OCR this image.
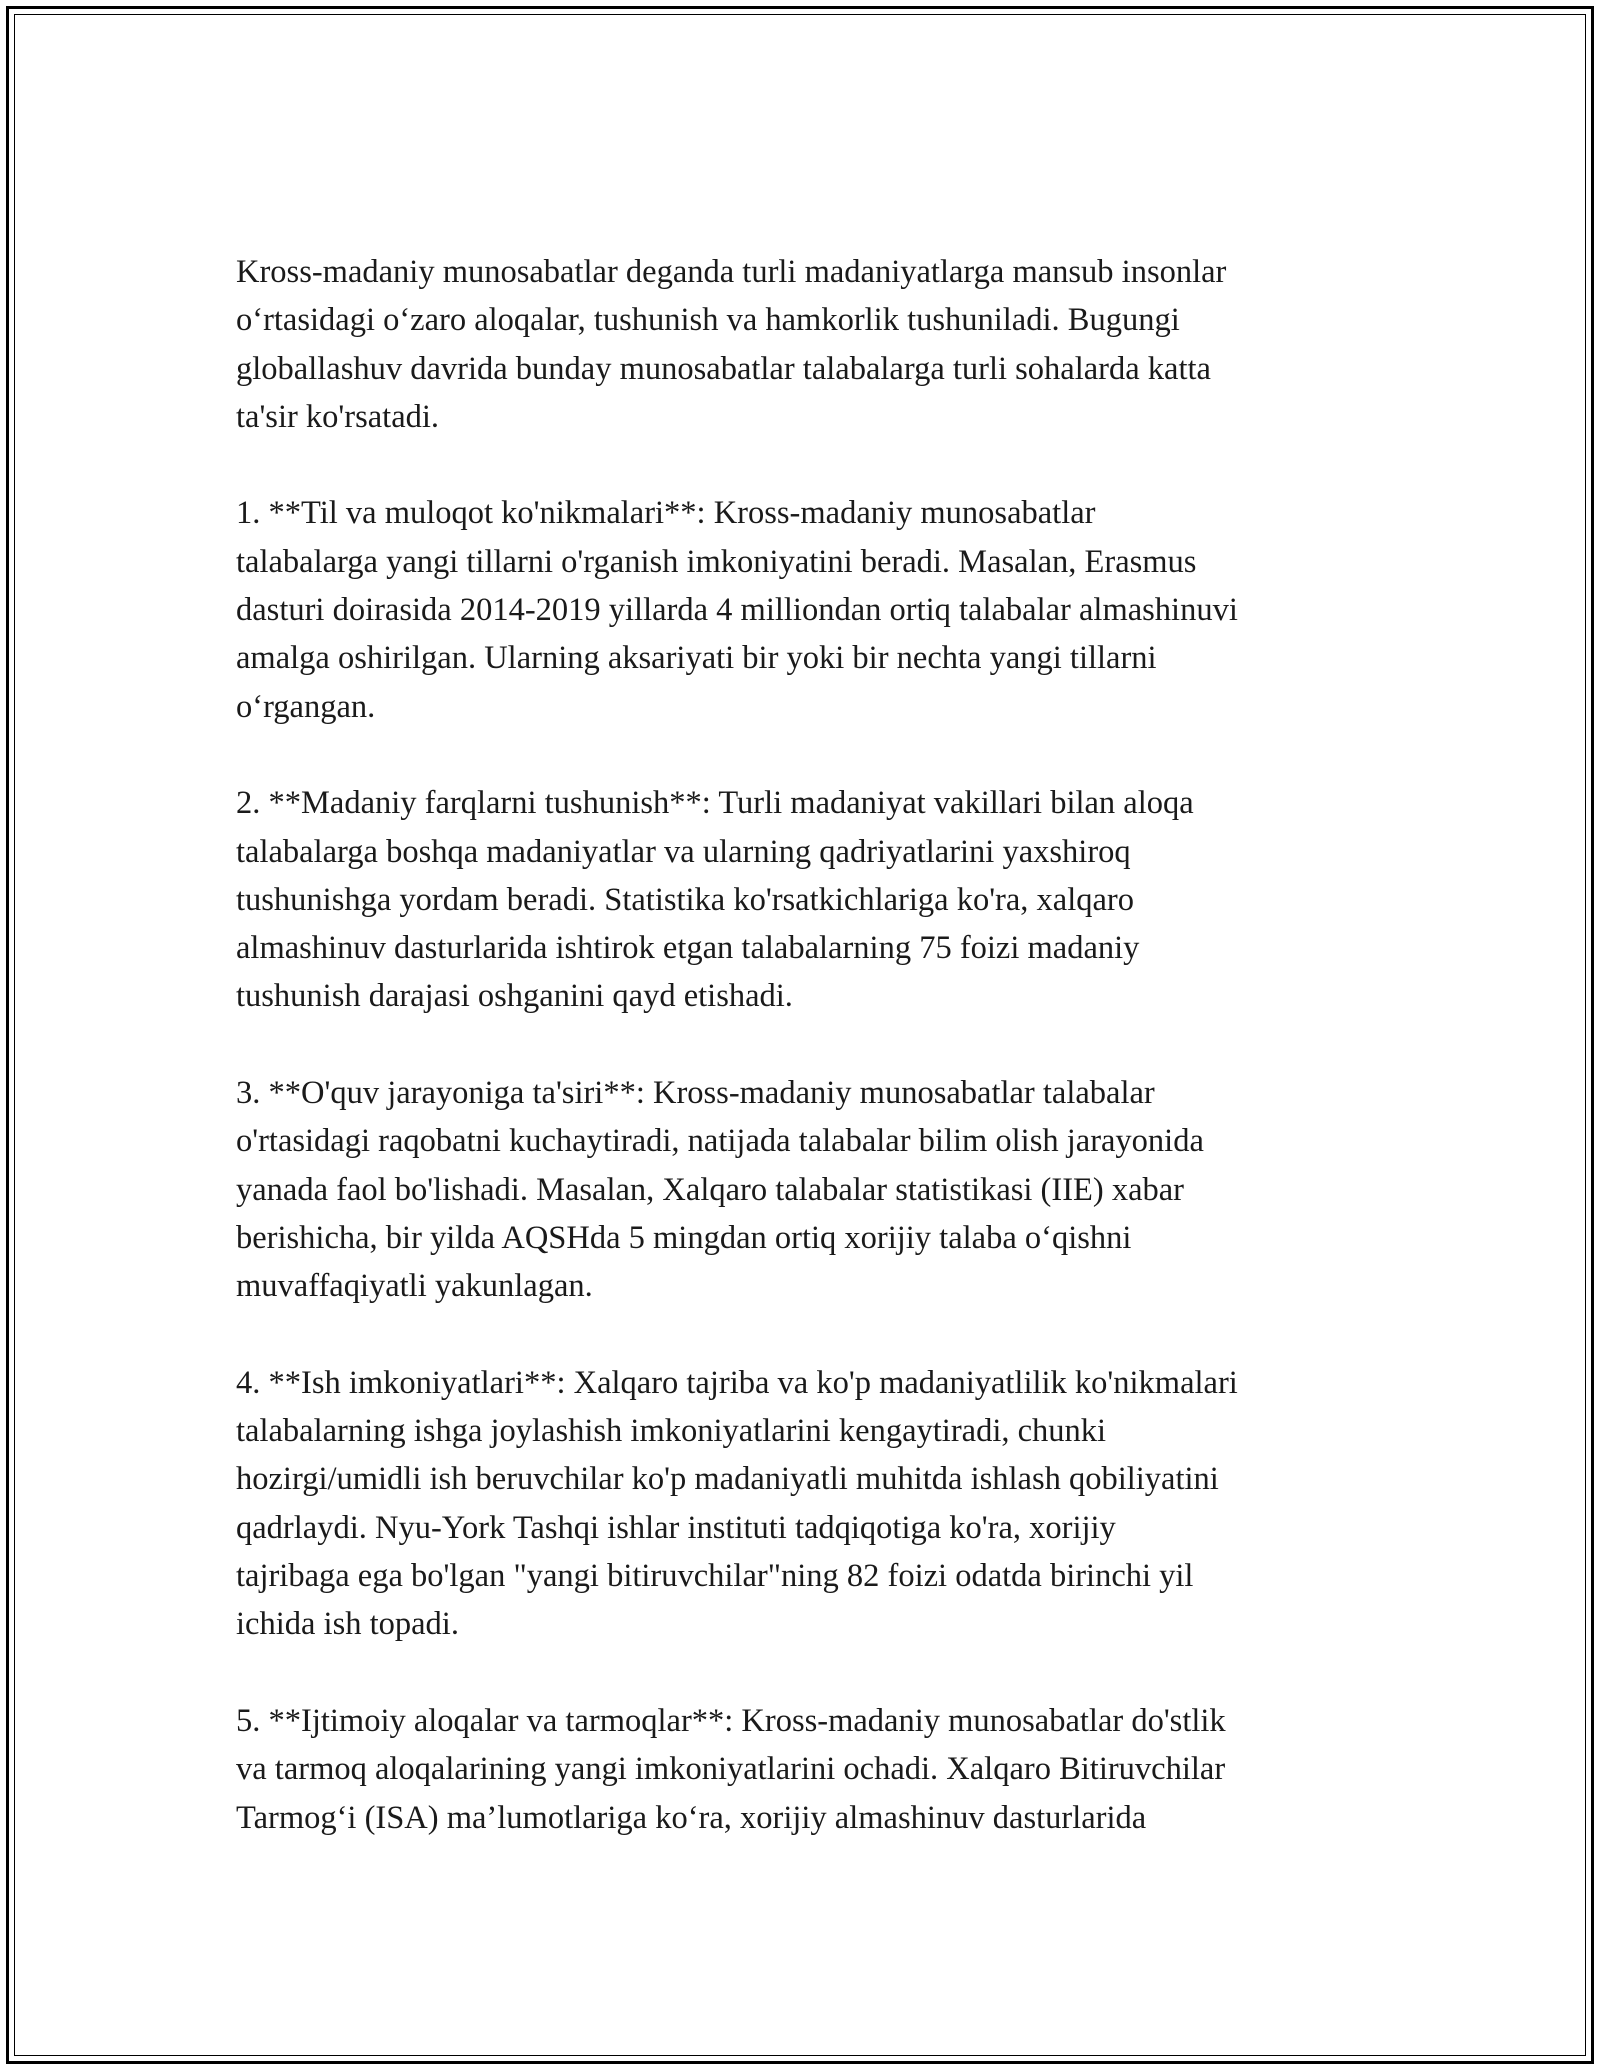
Kross-madaniy munosabatlar deganda turli madaniyatlarga mansub insonlar
o‘rtasidagi o‘zaro aloqalar, tushunish va hamkorlik tushuniladi. Bugungi
globallashuv davrida bunday munosabatlar talabalarga turli sohalarda katta
ta'sir ko'rsatadi.

1. **Til va muloqot ko'nikmalari**: Kross-madaniy munosabatlar
talabalarga yangi tillarni o'rganish imkoniyatini beradi. Masalan, Erasmus
dasturi doirasida 2014-2019 yillarda 4 milliondan ortiq talabalar almashinuvi
amalga oshirilgan. Ularning aksariyati bir yoki bir nechta yangi tillarni
o‘rgangan.

2. **Madaniy farqlarni tushunish**: Turli madaniyat vakillari bilan aloqa
talabalarga boshqa madaniyatlar va ularning qadriyatlarini yaxshiroq
tushunishga yordam beradi. Statistika ko'rsatkichlariga ko'ra, xalqaro
almashinuv dasturlarida ishtirok etgan talabalarning 75 foizi madaniy
tushunish darajasi oshganini qayd etishadi.

3. **O'quv jarayoniga ta'siri**: Kross-madaniy munosabatlar talabalar
o'rtasidagi raqobatni kuchaytiradi, natijada talabalar bilim olish jarayonida
yanada faol bo'lishadi. Masalan, Xalqaro talabalar statistikasi (IIE) xabar
berishicha, bir yilda AQSHda 5 mingdan ortiq xorijiy talaba o‘qishni
muvaffaqiyatli yakunlagan.

4. **Ish imkoniyatlari**: Xalqaro tajriba va ko'p madaniyatlilik ko'nikmalari
talabalarning ishga joylashish imkoniyatlarini kengaytiradi, chunki
hozirgi/umidli ish beruvchilar ko'p madaniyatli muhitda ishlash qobiliyatini
qadrlaydi. Nyu-York Tashqi ishlar instituti tadqiqotiga ko'ra, xorijiy
tajribaga ega bo'lgan "yangi bitiruvchilar"ning 82 foizi odatda birinchi yil
ichida ish topadi.

5. **Ijtimoiy aloqalar va tarmoqlar**: Kross-madaniy munosabatlar do'stlik
va tarmoq aloqalarining yangi imkoniyatlarini ochadi. Xalqaro Bitiruvchilar
Tarmog‘i (ISA) ma’lumotlariga ko‘ra, xorijiy almashinuv dasturlarida
